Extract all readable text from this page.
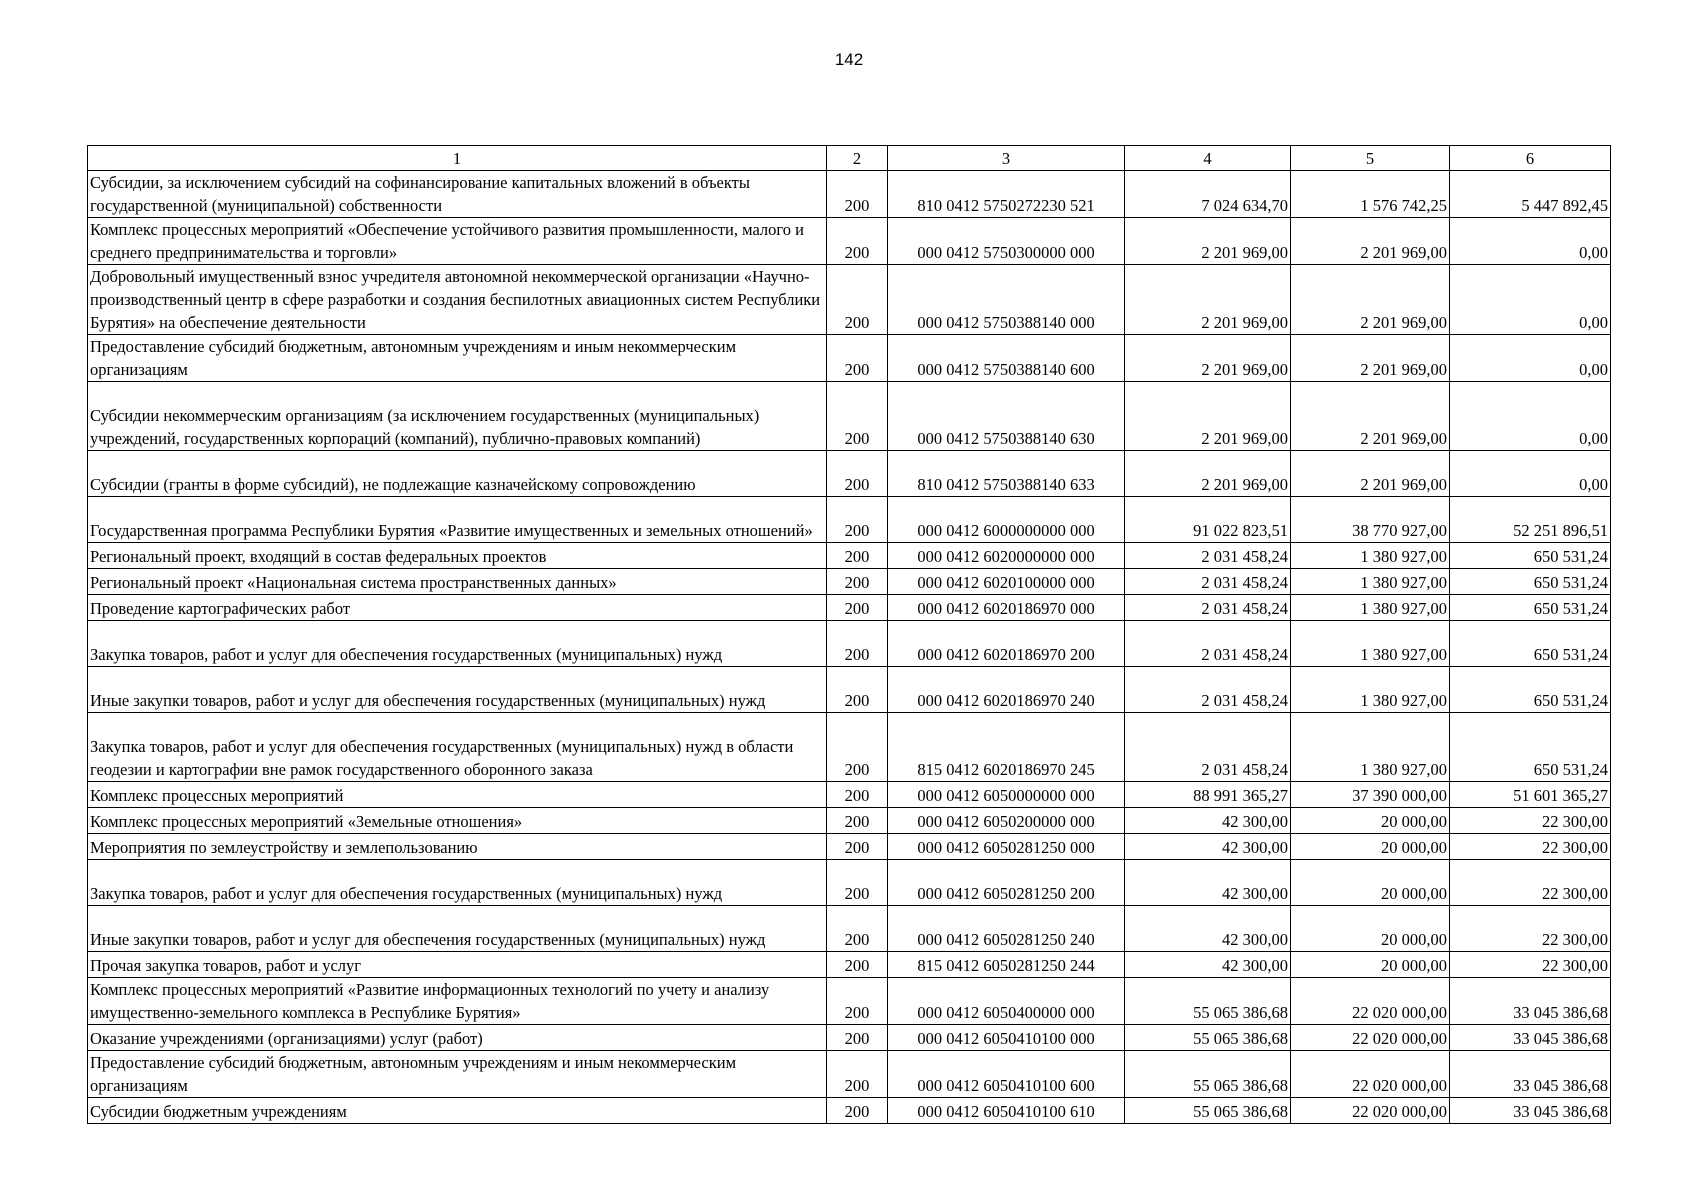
142
1	2	3	4	5	6
Субсидии, за исключением субсидий на софинансирование капитальных вложений в объекты государственной (муниципальной) собственности	200	810 0412 5750272230 521	7 024 634,70	1 576 742,25	5 447 892,45
Комплекс процессных мероприятий «Обеспечение устойчивого развития промышленности, малого и среднего предпринимательства и торговли»	200	000 0412 5750300000 000	2 201 969,00	2 201 969,00	0,00
Добровольный имущественный взнос учредителя автономной некоммерческой организации «Научно-производственный центр в сфере разработки и создания беспилотных авиационных систем Республики Бурятия» на обеспечение деятельности	200	000 0412 5750388140 000	2 201 969,00	2 201 969,00	0,00
Предоставление субсидий бюджетным, автономным учреждениям и иным некоммерческим организациям	200	000 0412 5750388140 600	2 201 969,00	2 201 969,00	0,00
Субсидии некоммерческим организациям (за исключением государственных (муниципальных) учреждений, государственных корпораций (компаний), публично-правовых компаний)	200	000 0412 5750388140 630	2 201 969,00	2 201 969,00	0,00
Субсидии (гранты в форме субсидий), не подлежащие казначейскому сопровождению	200	810 0412 5750388140 633	2 201 969,00	2 201 969,00	0,00
Государственная программа Республики Бурятия «Развитие имущественных и земельных отношений»	200	000 0412 6000000000 000	91 022 823,51	38 770 927,00	52 251 896,51
Региональный проект, входящий в состав федеральных проектов	200	000 0412 6020000000 000	2 031 458,24	1 380 927,00	650 531,24
Региональный проект «Национальная система пространственных данных»	200	000 0412 6020100000 000	2 031 458,24	1 380 927,00	650 531,24
Проведение картографических работ	200	000 0412 6020186970 000	2 031 458,24	1 380 927,00	650 531,24
Закупка товаров, работ и услуг для обеспечения государственных (муниципальных) нужд	200	000 0412 6020186970 200	2 031 458,24	1 380 927,00	650 531,24
Иные закупки товаров, работ и услуг для обеспечения государственных (муниципальных) нужд	200	000 0412 6020186970 240	2 031 458,24	1 380 927,00	650 531,24
Закупка товаров, работ и услуг для обеспечения государственных (муниципальных) нужд в области геодезии и картографии вне рамок государственного оборонного заказа	200	815 0412 6020186970 245	2 031 458,24	1 380 927,00	650 531,24
Комплекс процессных мероприятий	200	000 0412 6050000000 000	88 991 365,27	37 390 000,00	51 601 365,27
Комплекс процессных мероприятий «Земельные отношения»	200	000 0412 6050200000 000	42 300,00	20 000,00	22 300,00
Мероприятия по землеустройству и землепользованию	200	000 0412 6050281250 000	42 300,00	20 000,00	22 300,00
Закупка товаров, работ и услуг для обеспечения государственных (муниципальных) нужд	200	000 0412 6050281250 200	42 300,00	20 000,00	22 300,00
Иные закупки товаров, работ и услуг для обеспечения государственных (муниципальных) нужд	200	000 0412 6050281250 240	42 300,00	20 000,00	22 300,00
Прочая закупка товаров, работ и услуг	200	815 0412 6050281250 244	42 300,00	20 000,00	22 300,00
Комплекс процессных мероприятий «Развитие информационных технологий по учету и анализу имущественно-земельного комплекса в Республике Бурятия»	200	000 0412 6050400000 000	55 065 386,68	22 020 000,00	33 045 386,68
Оказание учреждениями (организациями) услуг (работ)	200	000 0412 6050410100 000	55 065 386,68	22 020 000,00	33 045 386,68
Предоставление субсидий бюджетным, автономным учреждениям и иным некоммерческим организациям	200	000 0412 6050410100 600	55 065 386,68	22 020 000,00	33 045 386,68
Субсидии бюджетным учреждениям	200	000 0412 6050410100 610	55 065 386,68	22 020 000,00	33 045 386,68
